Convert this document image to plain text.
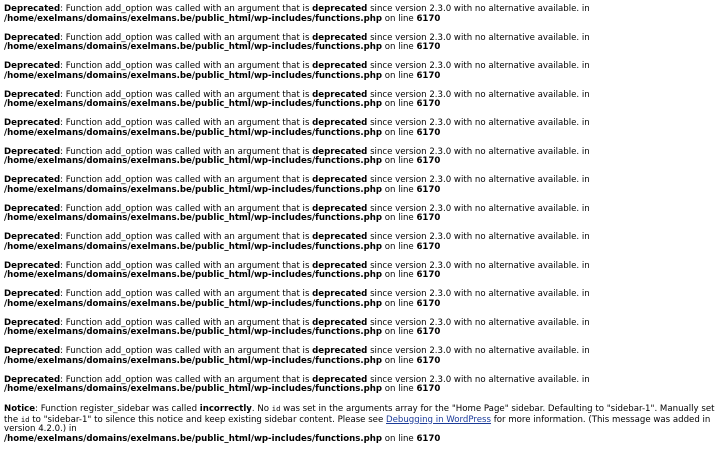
Deprecated: Function add_option was called with an argument that is deprecated since version 2.3.0 with no alternative available. in
/home/exelmans/domains/exelmans.be/public_html/wp-includes/functions.php on line 6170
Deprecated: Function add_option was called with an argument that is deprecated since version 2.3.0 with no alternative available. in
/home/exelmans/domains/exelmans.be/public_html/wp-includes/functions.php on line 6170
Deprecated: Function add_option was called with an argument that is deprecated since version 2.3.0 with no alternative available. in
/home/exelmans/domains/exelmans.be/public_html/wp-includes/functions.php on line 6170
Deprecated: Function add_option was called with an argument that is deprecated since version 2.3.0 with no alternative available. in
/home/exelmans/domains/exelmans.be/public_html/wp-includes/functions.php on line 6170
Deprecated: Function add_option was called with an argument that is deprecated since version 2.3.0 with no alternative available. in
/home/exelmans/domains/exelmans.be/public_html/wp-includes/functions.php on line 6170
Deprecated: Function add_option was called with an argument that is deprecated since version 2.3.0 with no alternative available. in
/home/exelmans/domains/exelmans.be/public_html/wp-includes/functions.php on line 6170
Deprecated: Function add_option was called with an argument that is deprecated since version 2.3.0 with no alternative available. in
/home/exelmans/domains/exelmans.be/public_html/wp-includes/functions.php on line 6170
Deprecated: Function add_option was called with an argument that is deprecated since version 2.3.0 with no alternative available. in
/home/exelmans/domains/exelmans.be/public_html/wp-includes/functions.php on line 6170
Deprecated: Function add_option was called with an argument that is deprecated since version 2.3.0 with no alternative available. in
/home/exelmans/domains/exelmans.be/public_html/wp-includes/functions.php on line 6170
Deprecated: Function add_option was called with an argument that is deprecated since version 2.3.0 with no alternative available. in
/home/exelmans/domains/exelmans.be/public_html/wp-includes/functions.php on line 6170
Deprecated: Function add_option was called with an argument that is deprecated since version 2.3.0 with no alternative available. in
/home/exelmans/domains/exelmans.be/public_html/wp-includes/functions.php on line 6170
Deprecated: Function add_option was called with an argument that is deprecated since version 2.3.0 with no alternative available. in
/home/exelmans/domains/exelmans.be/public_html/wp-includes/functions.php on line 6170
Deprecated: Function add_option was called with an argument that is deprecated since version 2.3.0 with no alternative available. in
/home/exelmans/domains/exelmans.be/public_html/wp-includes/functions.php on line 6170
Deprecated: Function add_option was called with an argument that is deprecated since version 2.3.0 with no alternative available. in
/home/exelmans/domains/exelmans.be/public_html/wp-includes/functions.php on line 6170
Notice: Function register_sidebar was called incorrectly. No id was set in the arguments array for the "Home Page" sidebar. Defaulting to "sidebar-1". Manually set the id to "sidebar-1" to silence this notice and keep existing sidebar content. Please see Debugging in WordPress for more information. (This message was added in version 4.2.0.) in
/home/exelmans/domains/exelmans.be/public_html/wp-includes/functions.php on line 6170
